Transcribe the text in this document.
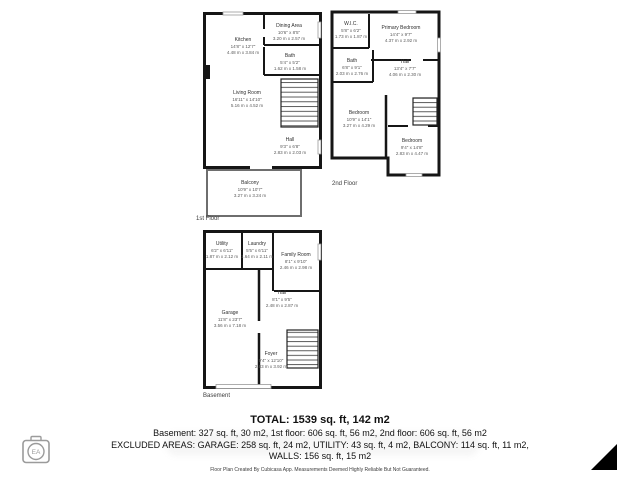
Kitchen
14'8" x 12'7"
4.48 m x 3.84 m
Dining Area
10'6" x 8'5"
3.20 m x 2.57 m
Bath
5'4" x 5'2"
1.62 m x 1.58 m
Living Room
16'11" x 14'10"
5.16 m x 4.52 m
Hall
9'3" x 6'8"
2.83 m x 2.03 m
Balcony
10'9" x 10'7"
3.27 m x 3.24 m
1st Floor
W.I.C.
5'8" x 6'2"
1.73 m x 1.87 m
Primary Bedroom
14'4" x 9'7"
4.37 m x 2.92 m
Bath
6'8" x 9'1"
2.03 m x 2.76 m
Hall
13'4" x 7'7"
4.06 m x 2.30 m
Bedroom
10'9" x 14'1"
3.27 m x 4.29 m
Bedroom
9'4" x 14'8"
2.83 m x 4.47 m
2nd Floor
Utility
6'2" x 6'11"
1.87 m x 2.12 m
Laundry
5'5" x 6'11"
1.64 m x 2.11 m Family Room
8'1" x 9'10"
2.46 m x 2.98 m
Hall
8'1" x 9'5"
2.48 m x 2.87 m
Garage
11'8" x 23'7"
3.56 m x 7.18 m
Foyer
9'4" x 12'10"
2.83 m x 3.92 m
Basement
TOTAL: 1539 sq. ft, 142 m2
Basement: 327 sq. ft, 30 m2, 1st floor: 606 sq. ft, 56 m2, 2nd floor: 606 sq. ft, 56 m2
EXCLUDED AREAS: GARAGE: 258 sq. ft, 24 m2, UTILITY: 43 sq. ft, 4 m2, BALCONY: 114 sq. ft, 11 m2,
WALLS: 156 sq. ft, 15 m2
Floor Plan Created By Cubicasa App. Measurements Deemed Highly Reliable But Not Guaranteed.
EA
